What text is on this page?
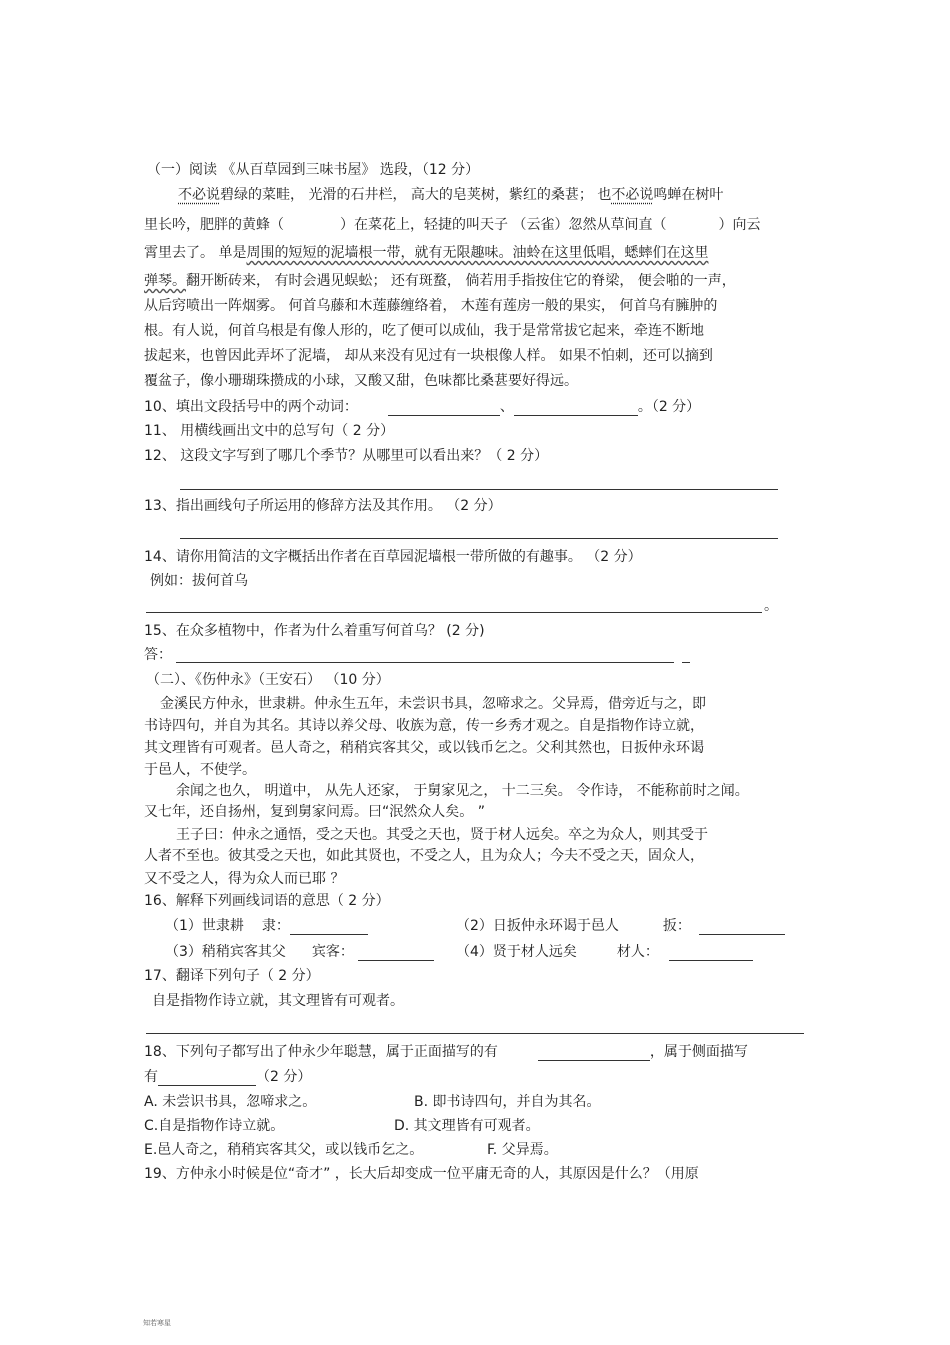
（一）阅读 《从百草园到三味书屋》 选段，（12 分）
不必说碧绿的菜畦， 光滑的石井栏， 高大的皂荚树，紫红的桑葚； 也不必说鸣蝉在树叶
里长吟，肥胖的黄蜂（	）在菜花上，轻捷的叫天子 （云雀）忽然从草间直（	）向云
霄里去了。 单是周围的短短的泥墙根一带，就有无限趣味。油蛉在这里低唱，蟋蟀们在这里
弹琴。翻开断砖来， 有时会遇见蜈蚣； 还有斑蝥， 倘若用手指按住它的脊梁， 便会啪的一声，
从后窍喷出一阵烟雾。 何首乌藤和木莲藤缠络着， 木莲有莲房一般的果实， 何首乌有臃肿的
根。有人说，何首乌根是有像人形的，吃了便可以成仙，我于是常常拔它起来，牵连不断地
拔起来，也曾因此弄坏了泥墙， 却从来没有见过有一块根像人样。 如果不怕刺，还可以摘到
覆盆子，像小珊瑚珠攒成的小球，又酸又甜，色味都比桑葚要好得远。
10、填出文段括号中的两个动词：	、	。（2 分）
11、 用横线画出文中的总写句（ 2 分）
12、 这段文字写到了哪几个季节？从哪里可以看出来？（ 2 分）
13、指出画线句子所运用的修辞方法及其作用。 （2 分）
14、请你用简洁的文字概括出作者在百草园泥墙根一带所做的有趣事。 （2 分）
例如：拔何首乌
。
15、在众多植物中，作者为什么着重写何首乌？ (2 分)
答：
（二）、《伤仲永》（王安石） （10 分）
金溪民方仲永，世隶耕。仲永生五年，未尝识书具，忽啼求之。父异焉，借旁近与之，即
书诗四句，并自为其名。其诗以养父母、收族为意，传一乡秀才观之。自是指物作诗立就，
其文理皆有可观者。邑人奇之，稍稍宾客其父，或以钱币乞之。父利其然也，日扳仲永环谒
于邑人，不使学。
余闻之也久， 明道中， 从先人还家， 于舅家见之， 十二三矣。 令作诗， 不能称前时之闻。
又七年，还自扬州，复到舅家问焉。曰“泯然众人矣。 ”
王子曰：仲永之通悟，受之天也。其受之天也，贤于材人远矣。卒之为众人，则其受于
人者不至也。彼其受之天也，如此其贤也，不受之人，且为众人；今夫不受之天，固众人，
又不受之人，得为众人而已耶 ？
16、解释下列画线词语的意思（ 2 分）
（1）世隶耕 隶：	（2）日扳仲永环谒于邑人	扳：
（3）稍稍宾客其父 宾客：	（4）贤于材人远矣	材人：
17、翻译下列句子（ 2 分）
自是指物作诗立就，其文理皆有可观者。
18、下列句子都写出了仲永少年聪慧，属于正面描写的有	，属于侧面描写
有	（2 分）
A. 未尝识书具，忽啼求之。	B. 即书诗四句，并自为其名。
C.自是指物作诗立就。	D. 其文理皆有可观者。
E.邑人奇之，稍稍宾客其父，或以钱币乞之。	F. 父异焉。
19、方仲永小时候是位“奇才” ，长大后却变成一位平庸无奇的人，其原因是什么？（用原
知若寒星
